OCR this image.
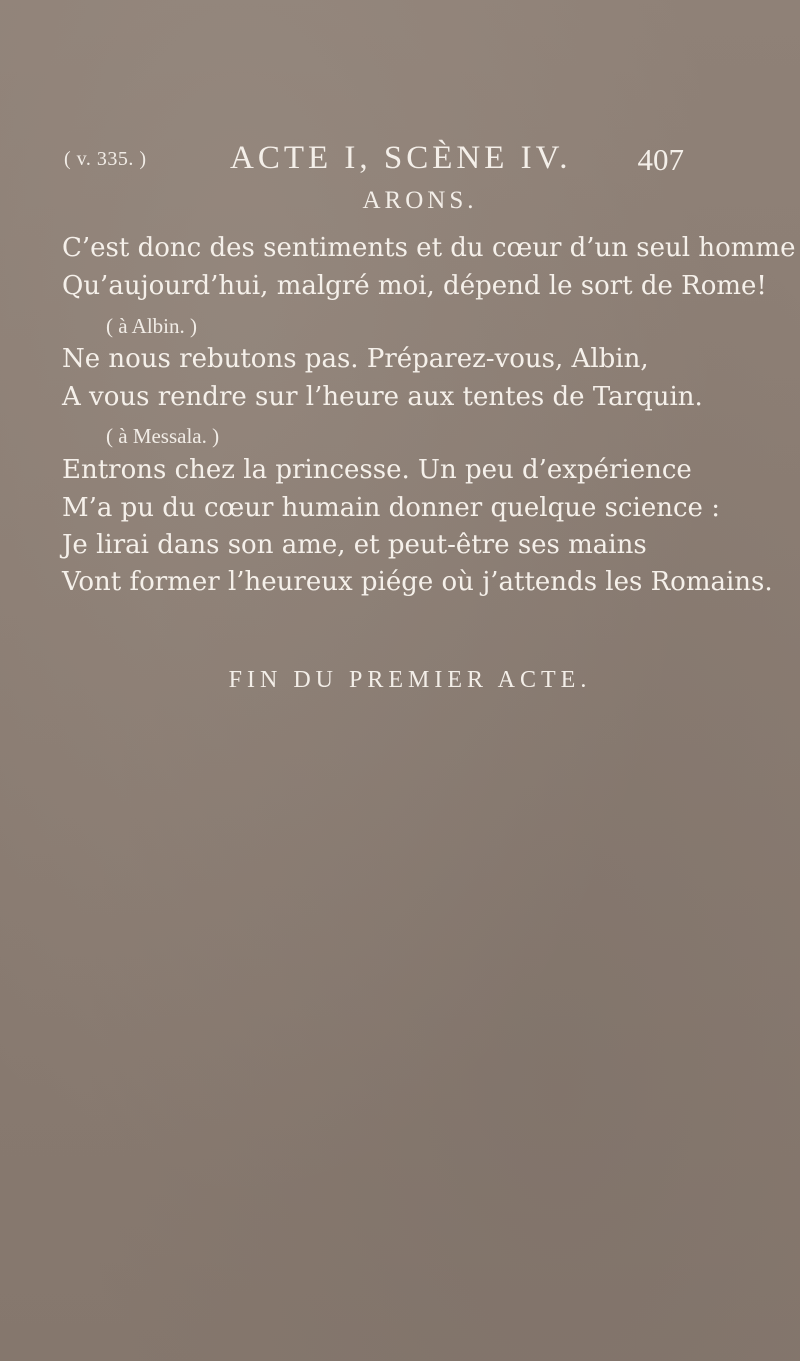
( v. 335. )	ACTE I, SCÈNE IV. 407
ARONS.
C’est donc des sentiments et du cœur d’un seul homme
Qu’aujourd’hui, malgré moi, dépend le sort de Rome!
( à Albin. )
Ne nous rebutons pas. Préparez-vous, Albin,
A vous rendre sur l’heure aux tentes de Tarquin.
( à Messala. )
Entrons chez la princesse. Un peu d’expérience
M’a pu du cœur humain donner quelque science :
Je lirai dans son ame, et peut-être ses mains
Vont former l’heureux piége où j’attends les Romains.
FIN DU PREMIER ACTE.
